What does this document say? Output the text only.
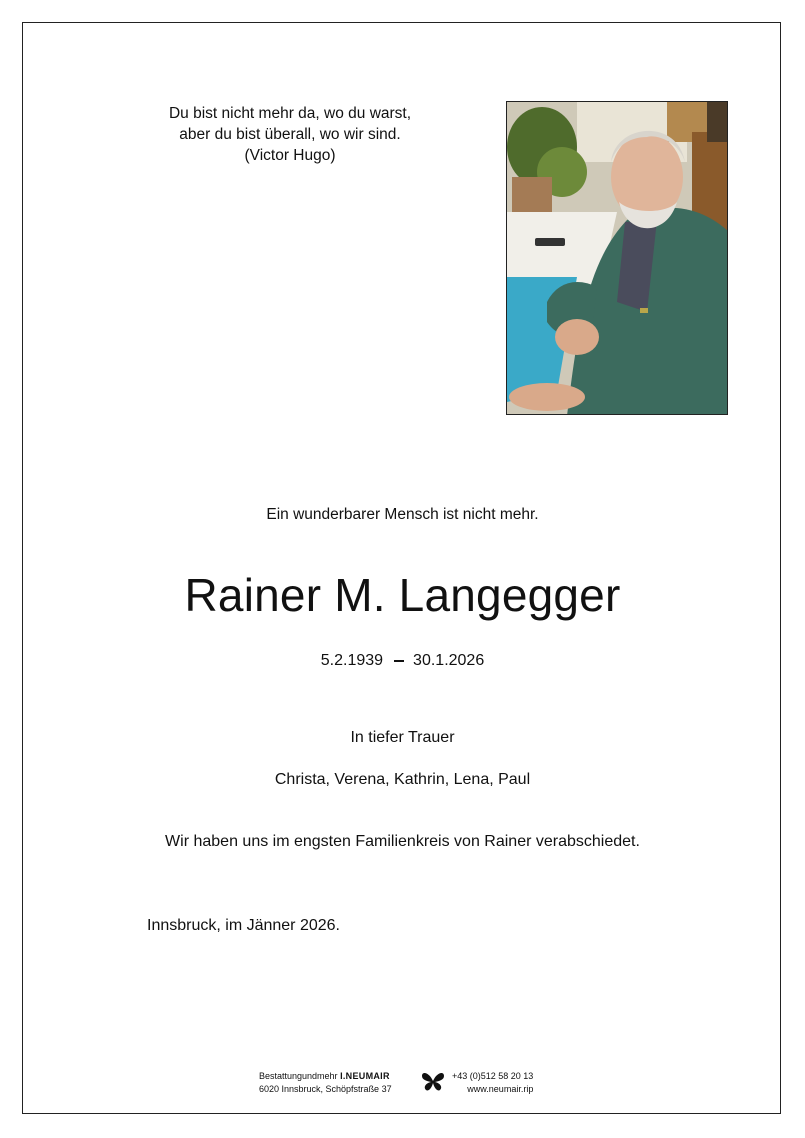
Du bist nicht mehr da, wo du warst,
aber du bist überall, wo wir sind.
(Victor Hugo)
Ein wunderbarer Mensch ist nicht mehr.
Rainer M. Langegger
5.2.1939 30.1.2026
In tiefer Trauer
Christa, Verena, Kathrin, Lena, Paul
Wir haben uns im engsten Familienkreis von Rainer verabschiedet.
Innsbruck, im Jänner 2026.
Bestattungundmehr I.NEUMAIR
6020 Innsbruck, Schöpfstraße 37
+43 (0)512 58 20 13
www.neumair.rip
